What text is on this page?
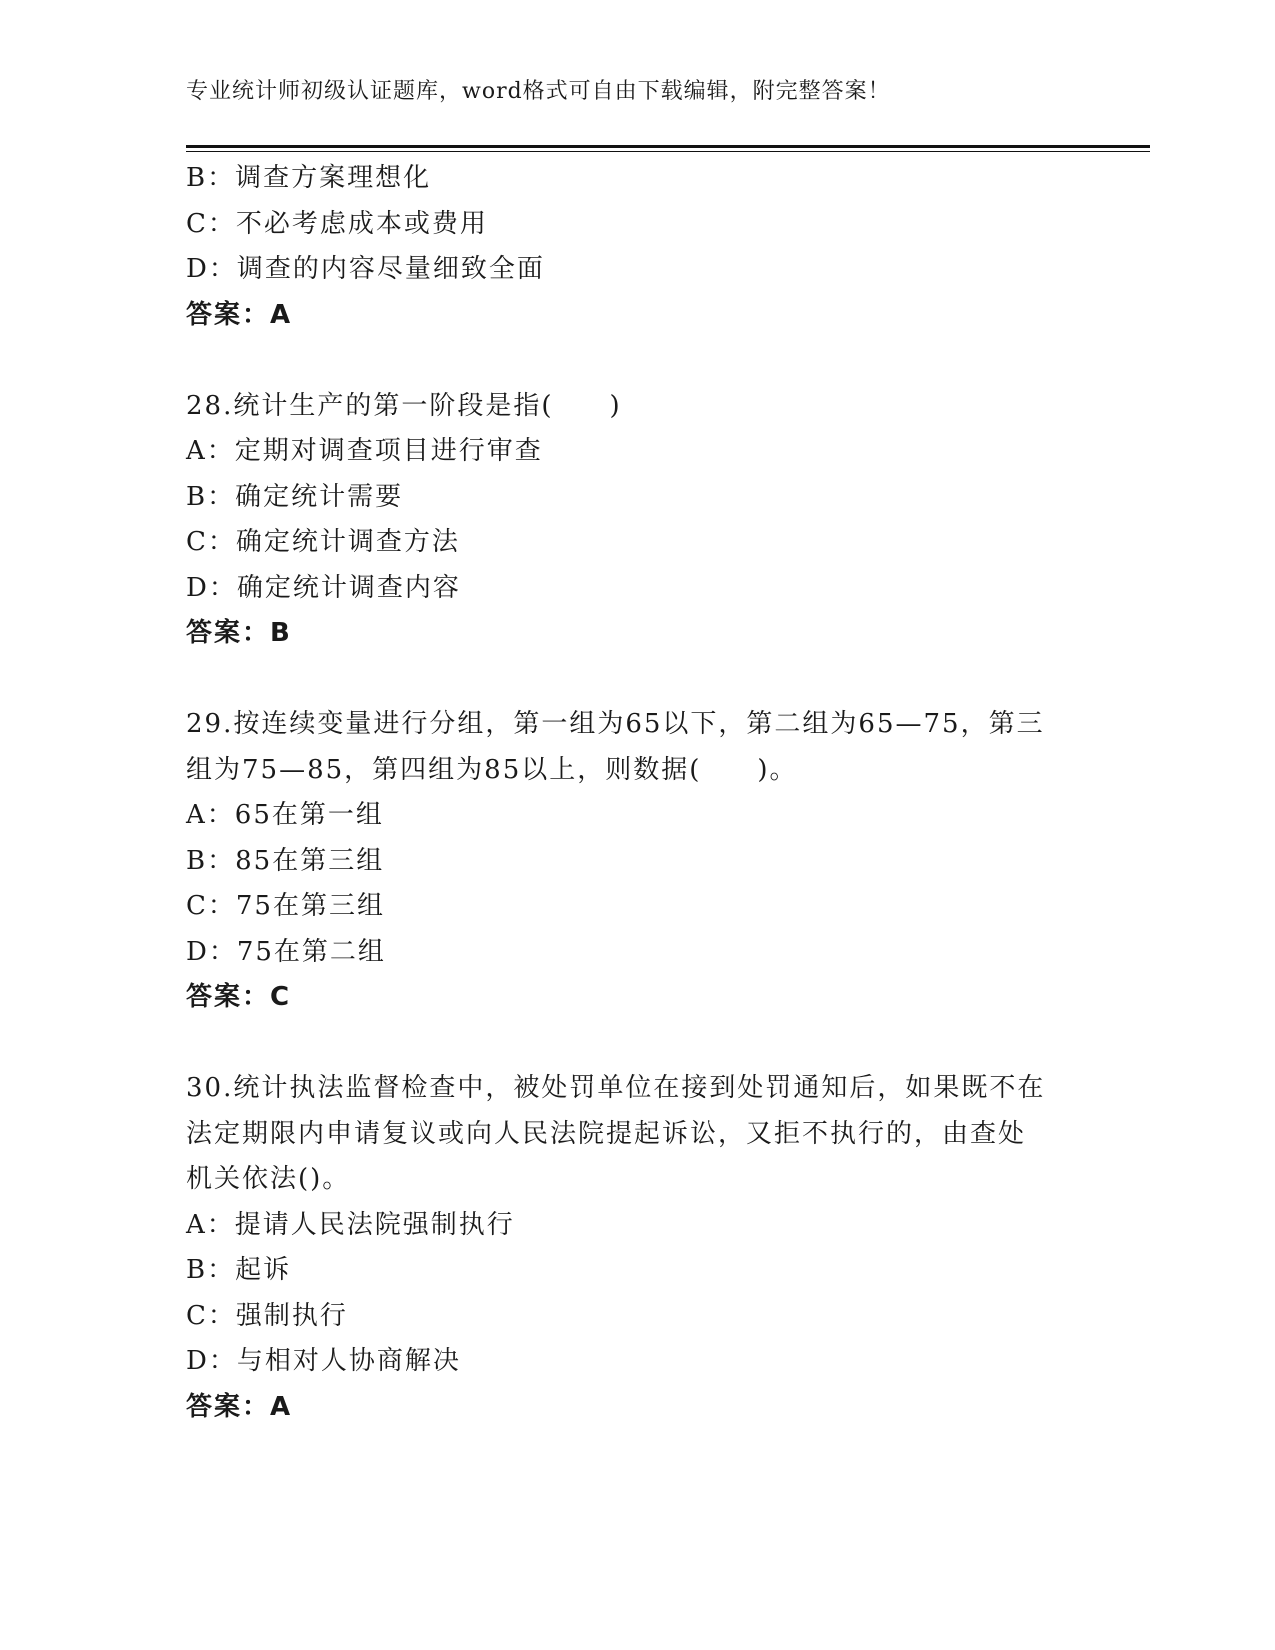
专业统计师初级认证题库，word格式可自由下载编辑，附完整答案！
B：调查方案理想化
C：不必考虑成本或费用
D：调查的内容尽量细致全面
答案：A
28.统计生产的第一阶段是指(　　)
A：定期对调查项目进行审查
B：确定统计需要
C：确定统计调查方法
D：确定统计调查内容
答案：B
29.按连续变量进行分组，第一组为65以下，第二组为65—75，第三
组为75—85，第四组为85以上，则数据(　　)。
A：65在第一组
B：85在第三组
C：75在第三组
D：75在第二组
答案：C
30.统计执法监督检查中，被处罚单位在接到处罚通知后，如果既不在
法定期限内申请复议或向人民法院提起诉讼，又拒不执行的，由查处
机关依法()。
A：提请人民法院强制执行
B：起诉
C：强制执行
D：与相对人协商解决
答案：A
